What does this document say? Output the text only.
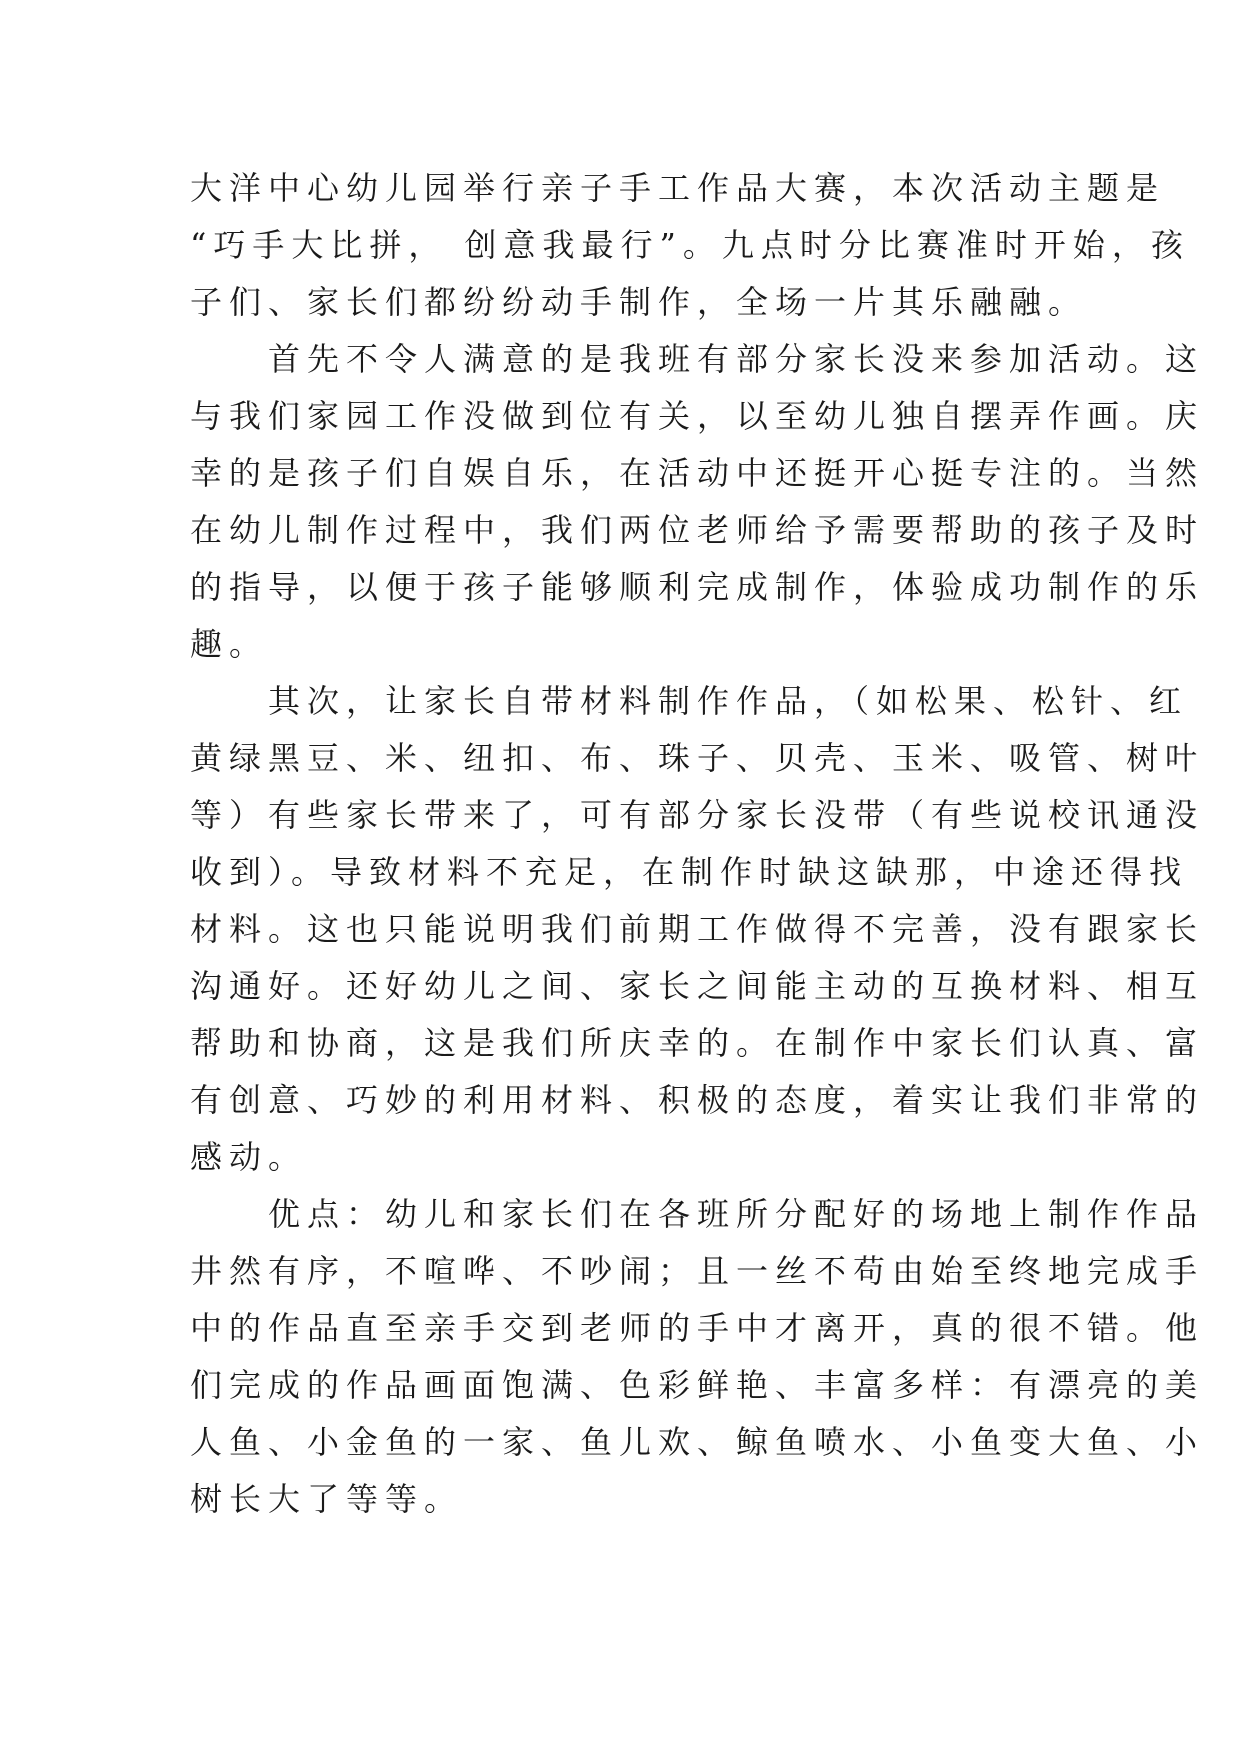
大洋中心幼儿园举行亲子手工作品大赛，本次活动主题是
“巧手大比拼， 创意我最行”。九点时分比赛准时开始，孩
子们、家长们都纷纷动手制作，全场一片其乐融融。
首先不令人满意的是我班有部分家长没来参加活动。这
与我们家园工作没做到位有关，以至幼儿独自摆弄作画。庆
幸的是孩子们自娱自乐，在活动中还挺开心挺专注的。当然
在幼儿制作过程中，我们两位老师给予需要帮助的孩子及时
的指导，以便于孩子能够顺利完成制作，体验成功制作的乐
趣。
其次，让家长自带材料制作作品，（如松果、松针、红
黄绿黑豆、米、纽扣、布、珠子、贝壳、玉米、吸管、树叶
等）有些家长带来了，可有部分家长没带（有些说校讯通没
收到）。导致材料不充足，在制作时缺这缺那，中途还得找
材料。这也只能说明我们前期工作做得不完善，没有跟家长
沟通好。还好幼儿之间、家长之间能主动的互换材料、相互
帮助和协商，这是我们所庆幸的。在制作中家长们认真、富
有创意、巧妙的利用材料、积极的态度，着实让我们非常的
感动。
优点：幼儿和家长们在各班所分配好的场地上制作作品
井然有序，不喧哗、不吵闹；且一丝不苟由始至终地完成手
中的作品直至亲手交到老师的手中才离开，真的很不错。他
们完成的作品画面饱满、色彩鲜艳、丰富多样：有漂亮的美
人鱼、小金鱼的一家、鱼儿欢、鲸鱼喷水、小鱼变大鱼、小
树长大了等等。
